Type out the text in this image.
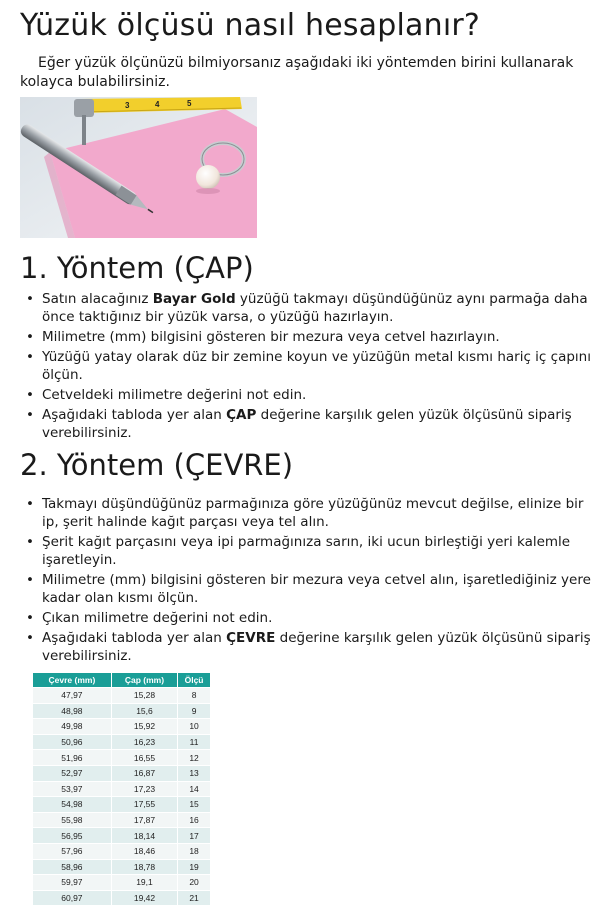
Yüzük ölçüsü nasıl hesaplanır?

Eğer yüzük ölçünüzü bilmiyorsanız aşağıdaki iki yöntemden birini kullanarak kolayca bulabilirsiniz.

3	4	5
1. Yöntem (ÇAP)
• Satın alacağınız Bayar Gold yüzüğü takmayı düşündüğünüz aynı parmağa daha önce taktığınız bir yüzük varsa, o yüzüğü hazırlayın.
• Milimetre (mm) bilgisini gösteren bir mezura veya cetvel hazırlayın.
• Yüzüğü yatay olarak düz bir zemine koyun ve yüzüğün metal kısmı hariç iç çapını ölçün.
• Cetveldeki milimetre değerini not edin.
• Aşağıdaki tabloda yer alan ÇAP değerine karşılık gelen yüzük ölçüsünü sipariş verebilirsiniz.
2. Yöntem (ÇEVRE)
• Takmayı düşündüğünüz parmağınıza göre yüzüğünüz mevcut değilse, elinize bir ip, şerit halinde kağıt parçası veya tel alın.
• Şerit kağıt parçasını veya ipi parmağınıza sarın, iki ucun birleştiği yeri kalemle işaretleyin.
• Milimetre (mm) bilgisini gösteren bir mezura veya cetvel alın, işaretlediğiniz yere kadar olan kısmı ölçün.
• Çıkan milimetre değerini not edin.
• Aşağıdaki tabloda yer alan ÇEVRE değerine karşılık gelen yüzük ölçüsünü sipariş verebilirsiniz.
Çevre (mm)	Çap (mm)	Ölçü
47,97	15,28	8
48,98	15,6	9
49,98	15,92	10
50,96	16,23	11
51,96	16,55	12
52,97	16,87	13
53,97	17,23	14
54,98	17,55	15
55,98	17,87	16
56,95	18,14	17
57,96	18,46	18
58,96	18,78	19
59,97	19,1	20
60,97	19,42	21
